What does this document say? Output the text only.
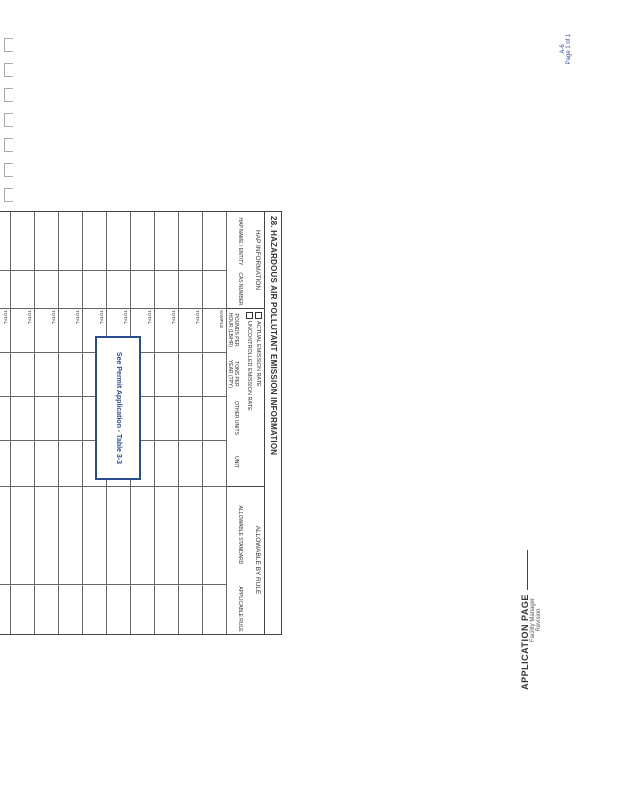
28. HAZARDOUS AIR POLLUTANT EMISSION INFORMATION
HAP INFORMATION
HAP NAME / ENTITY
CAS NUMBER
ACTUAL EMISSION RATE
UNCONTROLLED EMISSION RATE
POUNDS PER HOUR (LB/HR)
TONS PER YEAR (TPY)
OTHER UNITS
UNIT
ALLOWABLE BY RULE
ALLOWABLE STANDARD
APPLICABLE RULE
SAMPLE
TOTAL
TOTAL
TOTAL
TOTAL
TOTAL
TOTAL
TOTAL
TOTAL
TOTAL
See Permit Application - Table 3-3
APPLICATION PAGE Facility Manager Revision
A-6 Page 1 of 1
